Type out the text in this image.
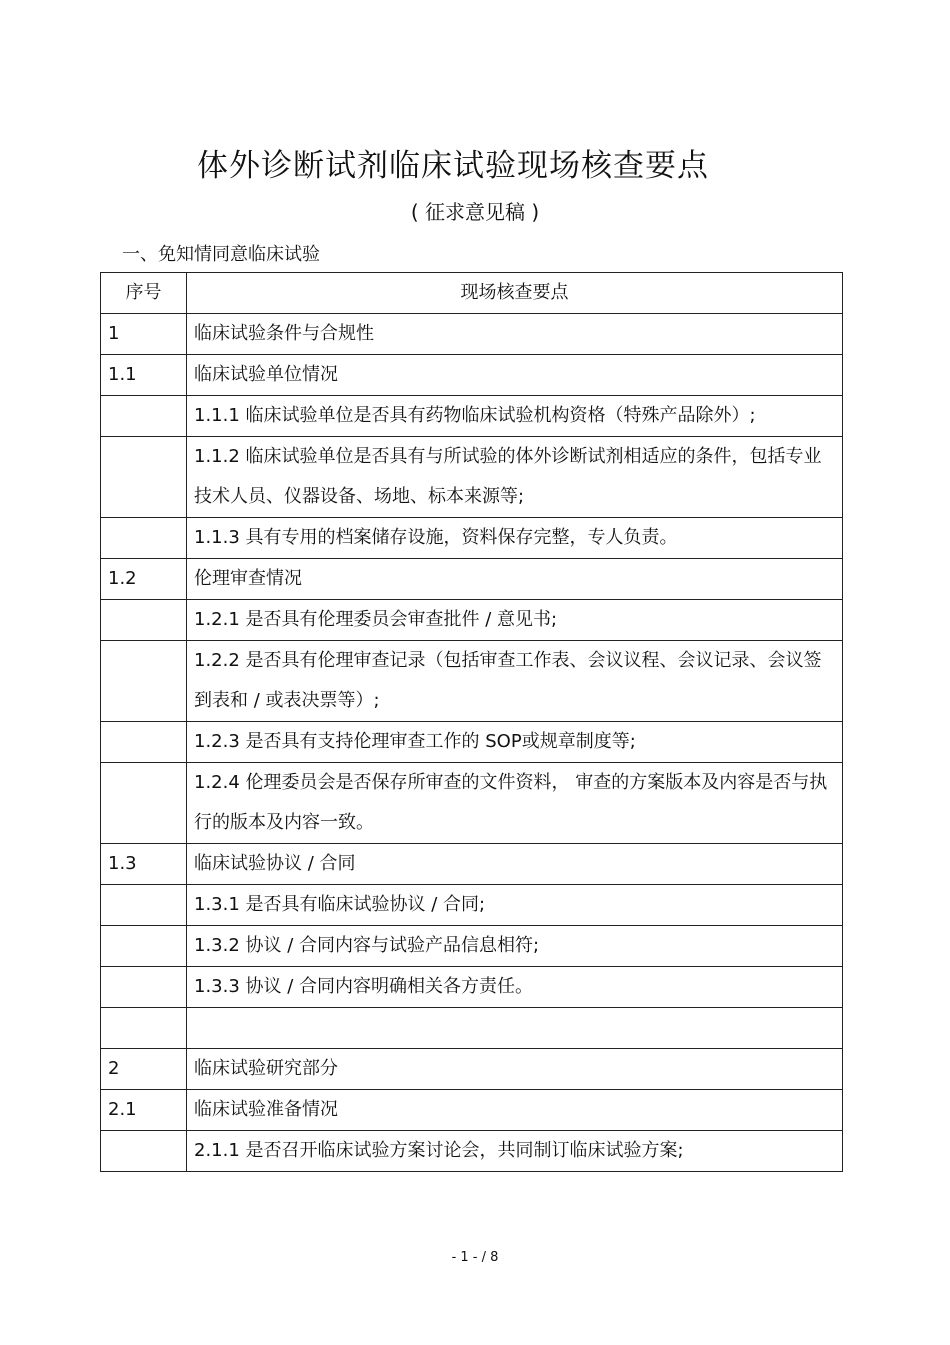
体外诊断试剂临床试验现场核查要点
( 征求意见稿 )
一、免知情同意临床试验
序号	现场核查要点
1	临床试验条件与合规性
1.1	临床试验单位情况
	1.1.1 临床试验单位是否具有药物临床试验机构资格（特殊产品除外）;
	1.1.2 临床试验单位是否具有与所试验的体外诊断试剂相适应的条件，包括专业技术人员、仪器设备、场地、标本来源等;
	1.1.3 具有专用的档案储存设施，资料保存完整，专人负责。
1.2	伦理审查情况
	1.2.1 是否具有伦理委员会审查批件 / 意见书;
	1.2.2 是否具有伦理审查记录（包括审查工作表、会议议程、会议记录、会议签到表和 / 或表决票等）;
	1.2.3 是否具有支持伦理审查工作的 SOP或规章制度等;
	1.2.4 伦理委员会是否保存所审查的文件资料， 审查的方案版本及内容是否与执行的版本及内容一致。
1.3	临床试验协议 / 合同
	1.3.1 是否具有临床试验协议 / 合同;
	1.3.2 协议 / 合同内容与试验产品信息相符;
	1.3.3 协议 / 合同内容明确相关各方责任。

2	临床试验研究部分
2.1	临床试验准备情况
	2.1.1 是否召开临床试验方案讨论会，共同制订临床试验方案;
- 1 - / 8
